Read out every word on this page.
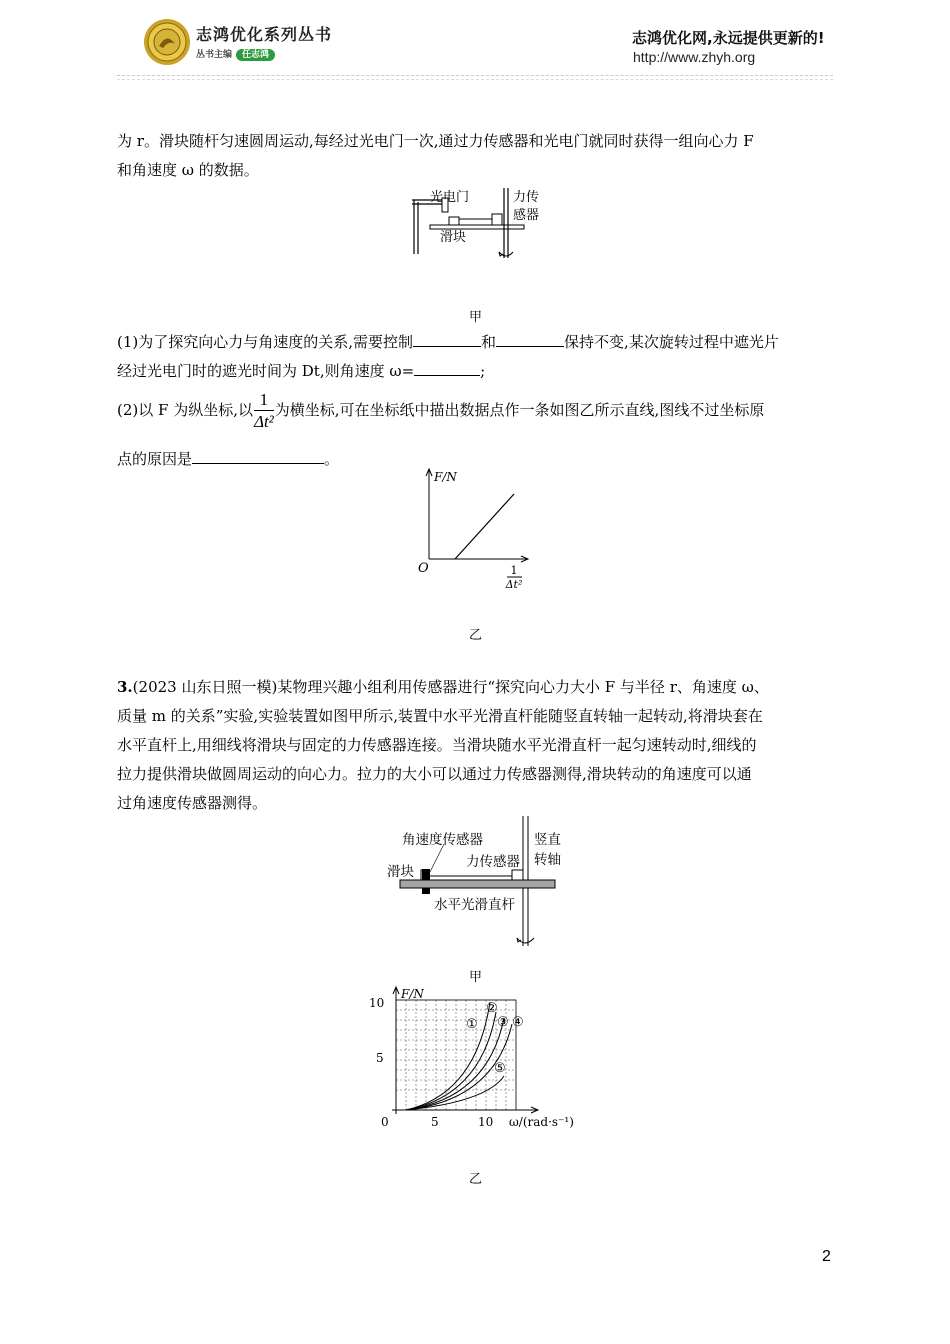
志鸿优化系列丛书
丛书主编 任志鸿
志鸿优化网,永远提供更新的!
http://www.zhyh.org
为 r。滑块随杆匀速圆周运动,每经过光电门一次,通过力传感器和光电门就同时获得一组向心力 F
和角速度 ω 的数据。
光电门	力传
感器
滑块
甲
(1)为了探究向心力与角速度的关系,需要控制	和	保持不变,某次旋转过程中遮光片
经过光电门时的遮光时间为 Dt,则角速度 ω=	;
(2)以 F 为纵坐标,以 $\frac{1}{\text{Δt²}}$ 为横坐标,可在坐标纸中描出数据点作一条如图乙所示直线,图线不过坐标原
点的原因是	。
F/N
O	1
Δt²
乙
3.(2023 山东日照一模)某物理兴趣小组利用传感器进行“探究向心力大小 F 与半径 r、角速度 ω、
质量 m 的关系”实验,实验装置如图甲所示,装置中水平光滑直杆能随竖直转轴一起转动,将滑块套在
水平直杆上,用细线将滑块与固定的力传感器连接。当滑块随水平光滑直杆一起匀速转动时,细线的
拉力提供滑块做圆周运动的向心力。拉力的大小可以通过力传感器测得,滑块转动的角速度可以通
过角速度传感器测得。
角速度传感器	竖直
转轴
力传感器
滑块
水平光滑直杆
甲
F/N
10
5
0	5	10 ω/(rad·s⁻¹)
①
②
③ ④
⑤
乙
2
